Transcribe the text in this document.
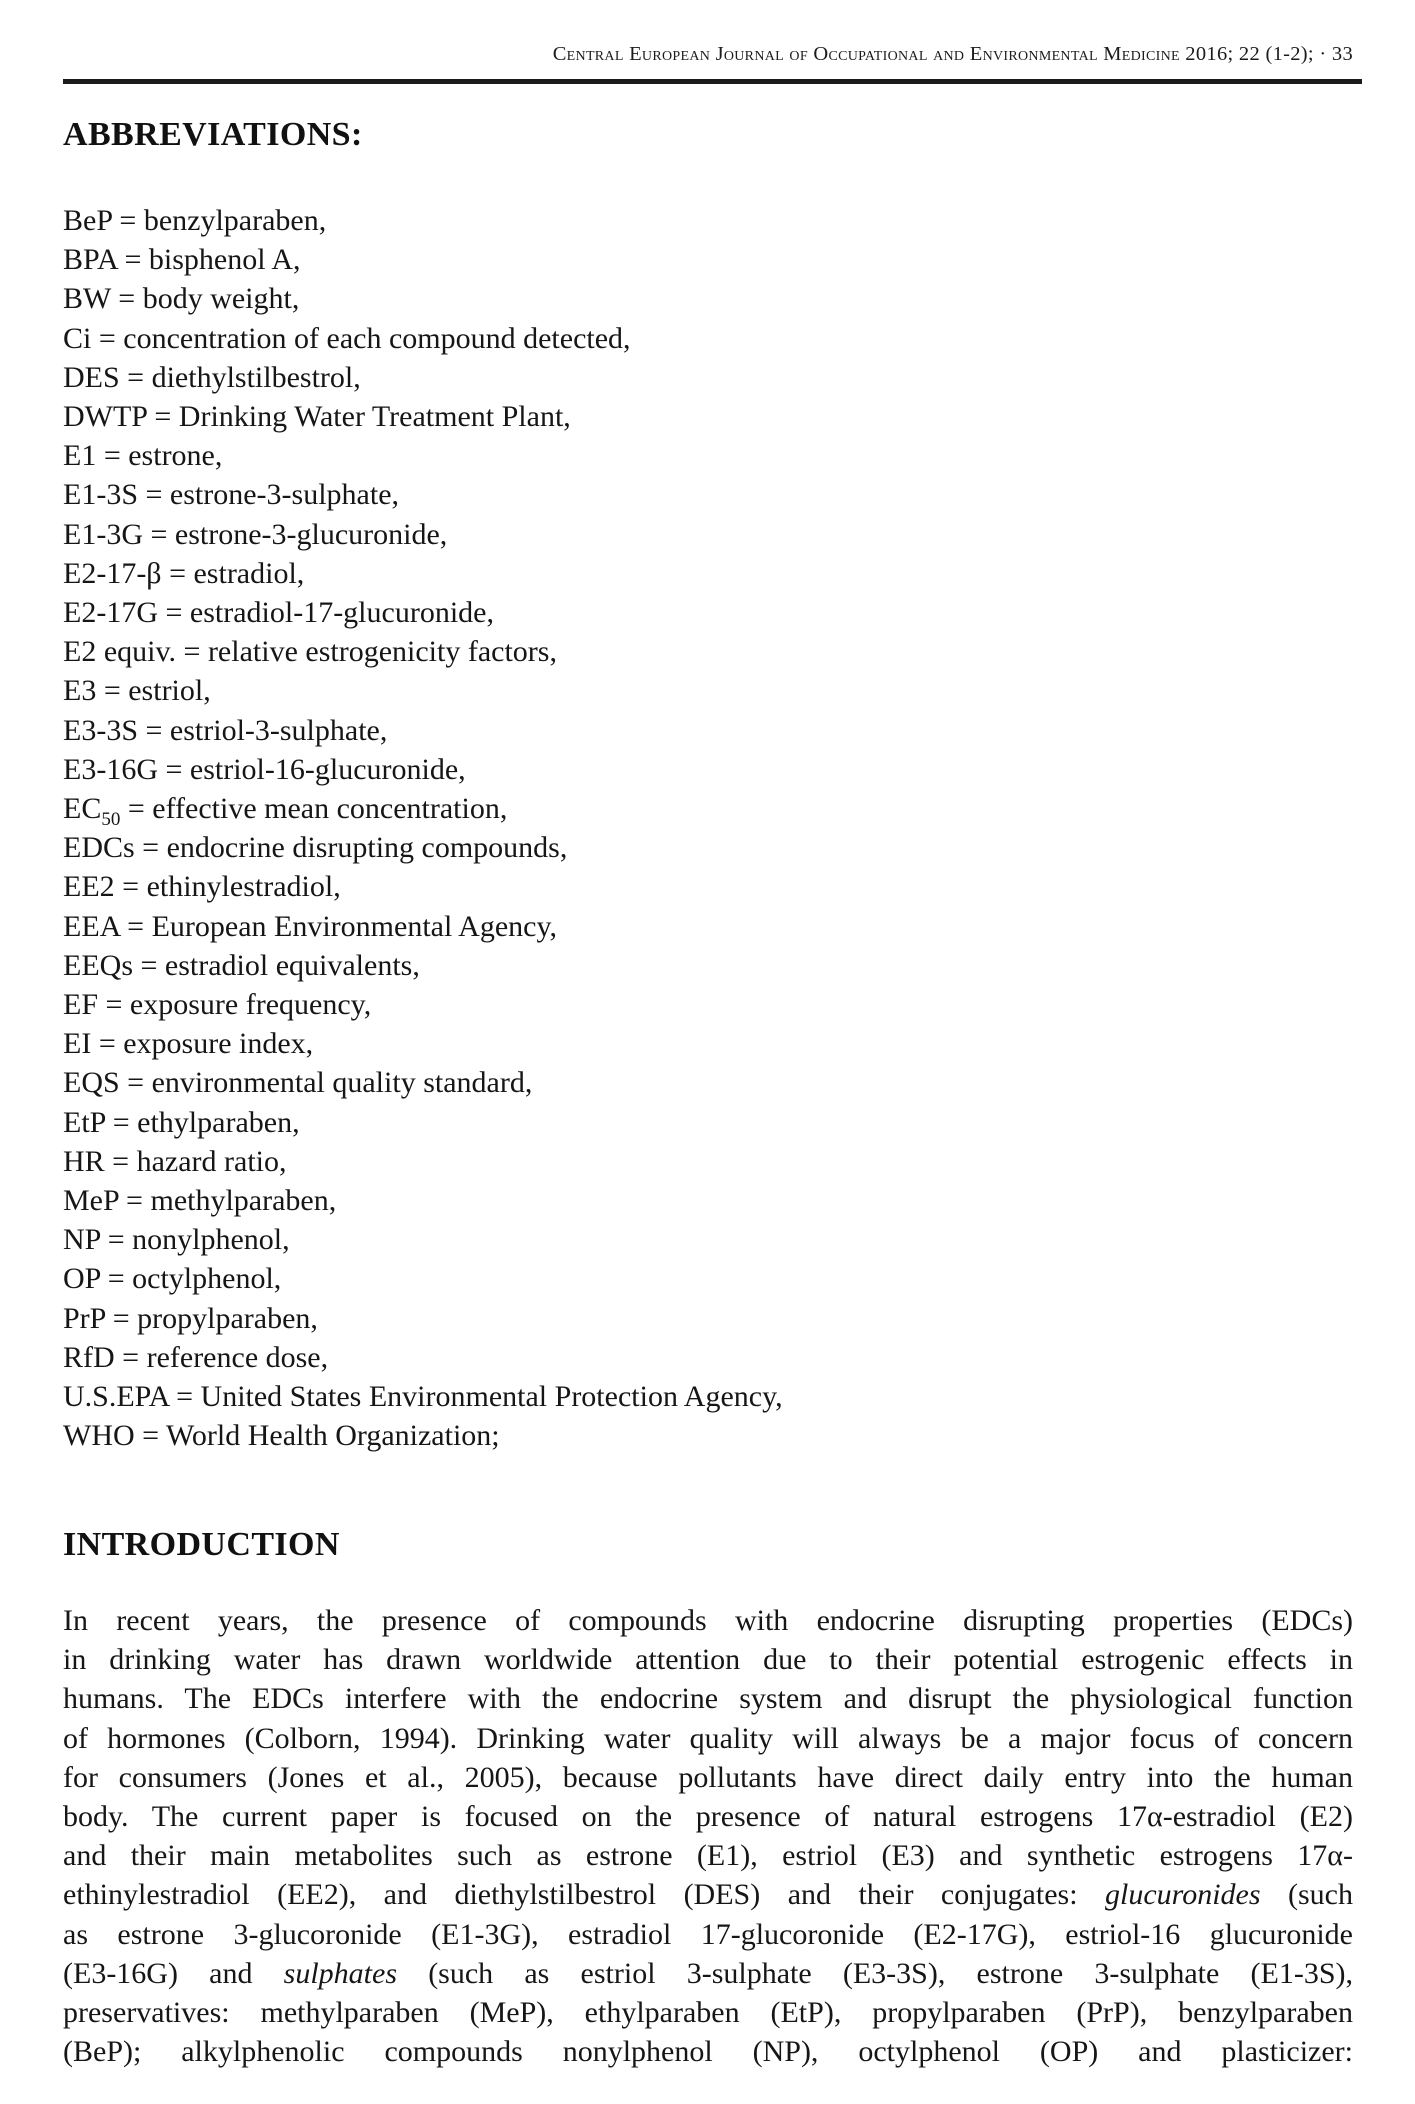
Central European Journal of Occupational and Environmental Medicine 2016; 22 (1-2); · 33
ABBREVIATIONS:
BeP = benzylparaben,
BPA = bisphenol A,
BW = body weight,
Ci = concentration of each compound detected,
DES = diethylstilbestrol,
DWTP = Drinking Water Treatment Plant,
E1 = estrone,
E1-3S = estrone-3-sulphate,
E1-3G = estrone-3-glucuronide,
E2-17-β = estradiol,
E2-17G = estradiol-17-glucuronide,
E2 equiv. = relative estrogenicity factors,
E3 = estriol,
E3-3S = estriol-3-sulphate,
E3-16G = estriol-16-glucuronide,
$EC_{50}$ = effective mean concentration,
EDCs = endocrine disrupting compounds,
EE2 = ethinylestradiol,
EEA = European Environmental Agency,
EEQs = estradiol equivalents,
EF = exposure frequency,
EI = exposure index,
EQS = environmental quality standard,
EtP = ethylparaben,
HR = hazard ratio,
MeP = methylparaben,
NP = nonylphenol,
OP = octylphenol,
PrP = propylparaben,
RfD = reference dose,
U.S.EPA = United States Environmental Protection Agency,
WHO = World Health Organization;
INTRODUCTION
In recent years, the presence of compounds with endocrine disrupting properties (EDCs)
in drinking water has drawn worldwide attention due to their potential estrogenic effects in
humans. The EDCs interfere with the endocrine system and disrupt the physiological function
of hormones (Colborn, 1994). Drinking water quality will always be a major focus of concern
for consumers (Jones et al., 2005), because pollutants have direct daily entry into the human
body. The current paper is focused on the presence of natural estrogens 17α-estradiol (E2)
and their main metabolites such as estrone (E1), estriol (E3) and synthetic estrogens 17α-
ethinylestradiol (EE2), and diethylstilbestrol (DES) and their conjugates: glucuronides (such
as estrone 3-glucoronide (E1-3G), estradiol 17-glucoronide (E2-17G), estriol-16 glucuronide
(E3-16G) and sulphates (such as estriol 3-sulphate (E3-3S), estrone 3-sulphate (E1-3S),
preservatives: methylparaben (MeP), ethylparaben (EtP), propylparaben (PrP), benzylparaben
(BeP); alkylphenolic compounds nonylphenol (NP), octylphenol (OP) and plasticizer:
